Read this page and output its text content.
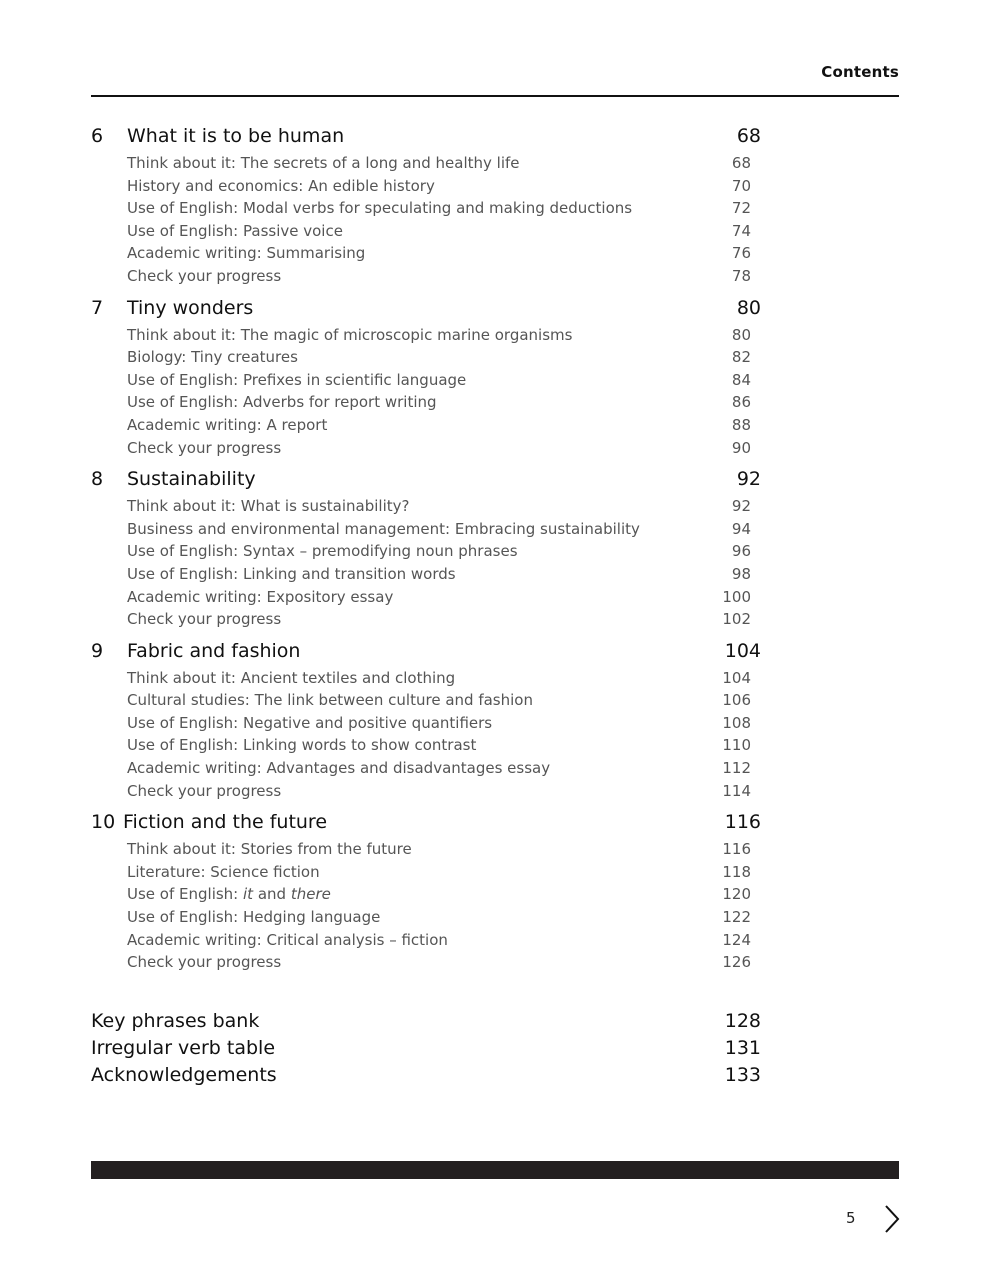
Contents
6	What it is to be human	68
Think about it: The secrets of a long and healthy life	68
History and economics: An edible history	70
Use of English: Modal verbs for speculating and making deductions	72
Use of English: Passive voice	74
Academic writing: Summarising	76
Check your progress	78
7	Tiny wonders	80
Think about it: The magic of microscopic marine organisms	80
Biology: Tiny creatures	82
Use of English: Prefixes in scientific language	84
Use of English: Adverbs for report writing	86
Academic writing: A report	88
Check your progress	90
8	Sustainability	92
Think about it: What is sustainability?	92
Business and environmental management: Embracing sustainability	94
Use of English: Syntax – premodifying noun phrases	96
Use of English: Linking and transition words	98
Academic writing: Expository essay	100
Check your progress	102
9	Fabric and fashion	104
Think about it: Ancient textiles and clothing	104
Cultural studies: The link between culture and fashion	106
Use of English: Negative and positive quantifiers	108
Use of English: Linking words to show contrast	110
Academic writing: Advantages and disadvantages essay	112
Check your progress	114
10 Fiction and the future	116
Think about it: Stories from the future	116
Literature: Science fiction	118
Use of English: it and there	120
Use of English: Hedging language	122
Academic writing: Critical analysis – fiction	124
Check your progress	126
Key phrases bank	128
Irregular verb table	131
Acknowledgements	133
5
